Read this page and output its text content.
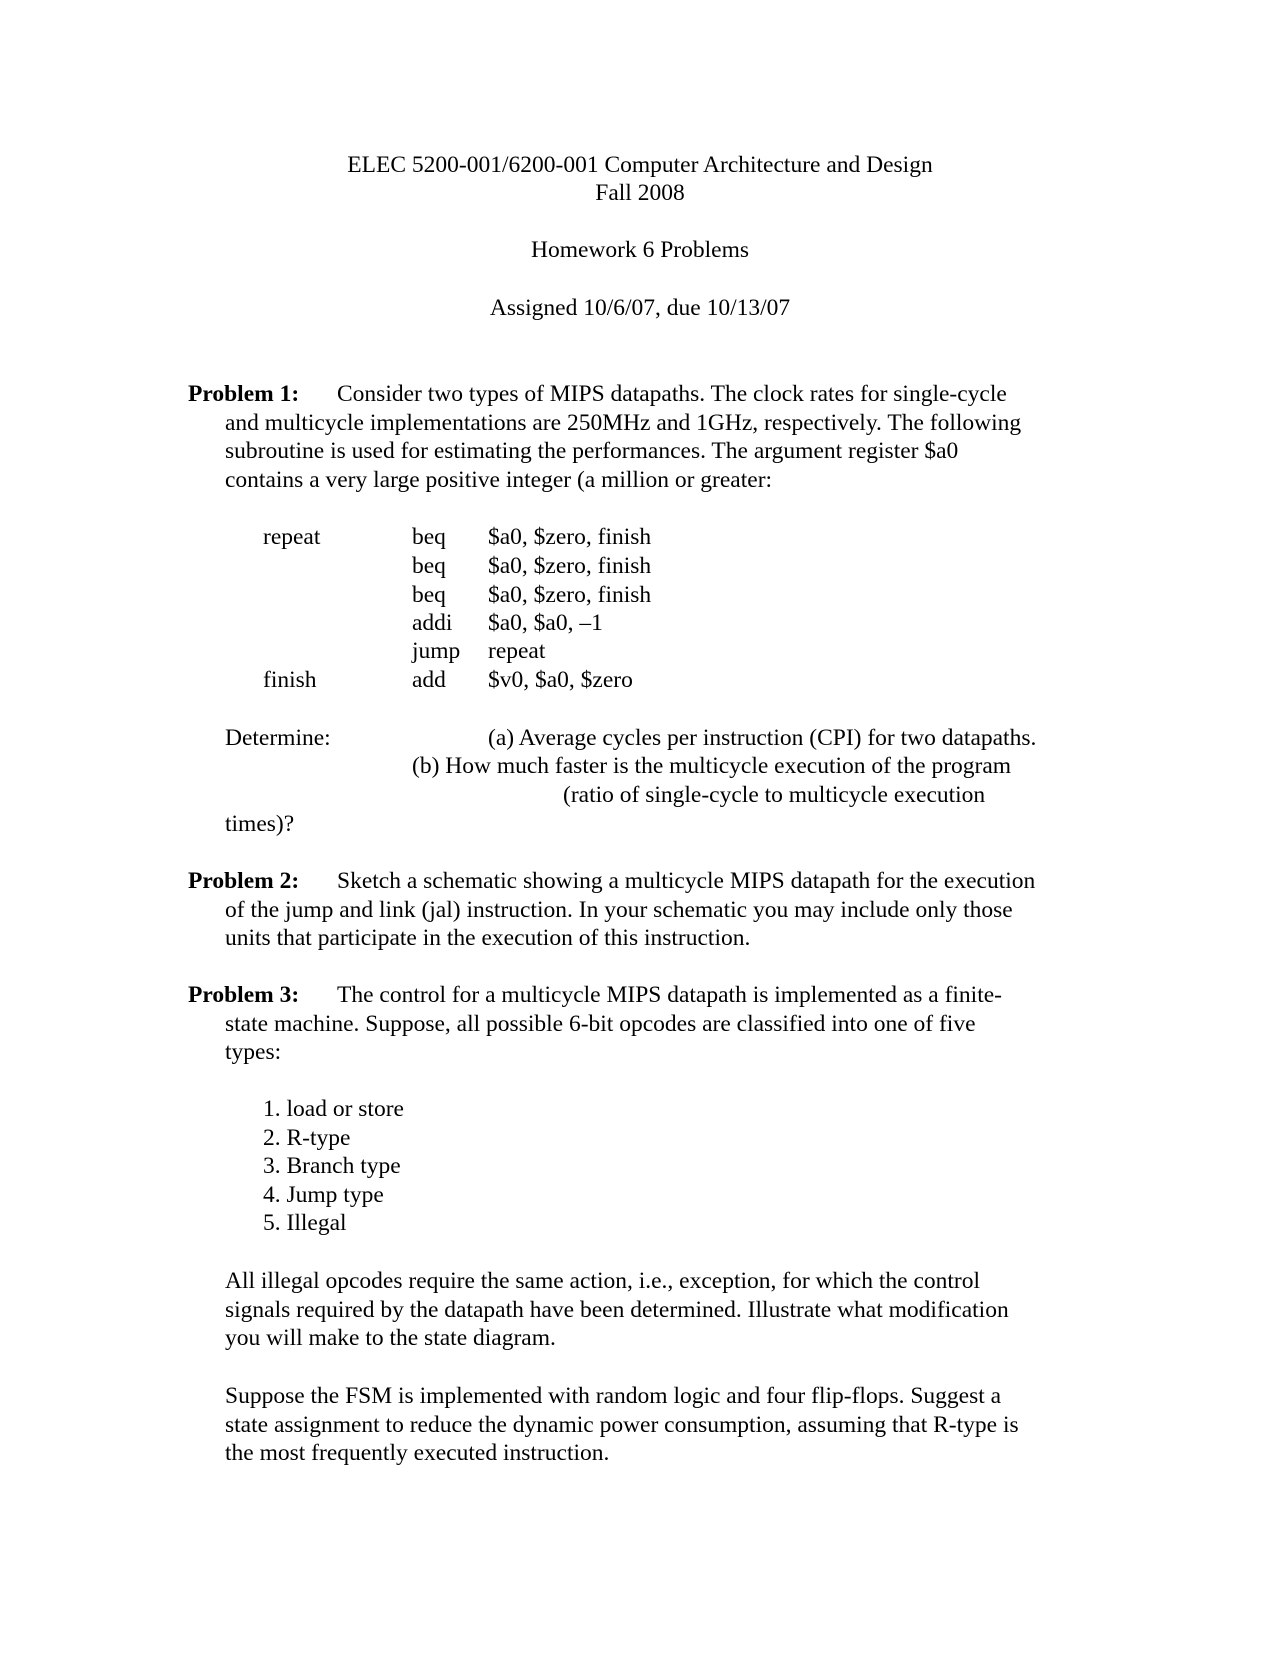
ELEC 5200-001/6200-001 Computer Architecture and Design
Fall 2008
Homework 6 Problems
Assigned 10/6/07, due 10/13/07
Problem 1: Consider two types of MIPS datapaths. The clock rates for single-cycle
and multicycle implementations are 250MHz and 1GHz, respectively. The following
subroutine is used for estimating the performances. The argument register $a0
contains a very large positive integer (a million or greater:
repeat	beq $a0, $zero, finish
beq $a0, $zero, finish
beq $a0, $zero, finish
addi $a0, $a0, –1
jump repeat
finish	add $v0, $a0, $zero
Determine:	(a) Average cycles per instruction (CPI) for two datapaths.
(b) How much faster is the multicycle execution of the program
(ratio of single-cycle to multicycle execution
times)?
Problem 2: Sketch a schematic showing a multicycle MIPS datapath for the execution
of the jump and link (jal) instruction. In your schematic you may include only those
units that participate in the execution of this instruction.
Problem 3: The control for a multicycle MIPS datapath is implemented as a finite-
state machine. Suppose, all possible 6-bit opcodes are classified into one of five
types:
1. load or store
2. R-type
3. Branch type
4. Jump type
5. Illegal
All illegal opcodes require the same action, i.e., exception, for which the control
signals required by the datapath have been determined. Illustrate what modification
you will make to the state diagram.
Suppose the FSM is implemented with random logic and four flip-flops. Suggest a
state assignment to reduce the dynamic power consumption, assuming that R-type is
the most frequently executed instruction.
